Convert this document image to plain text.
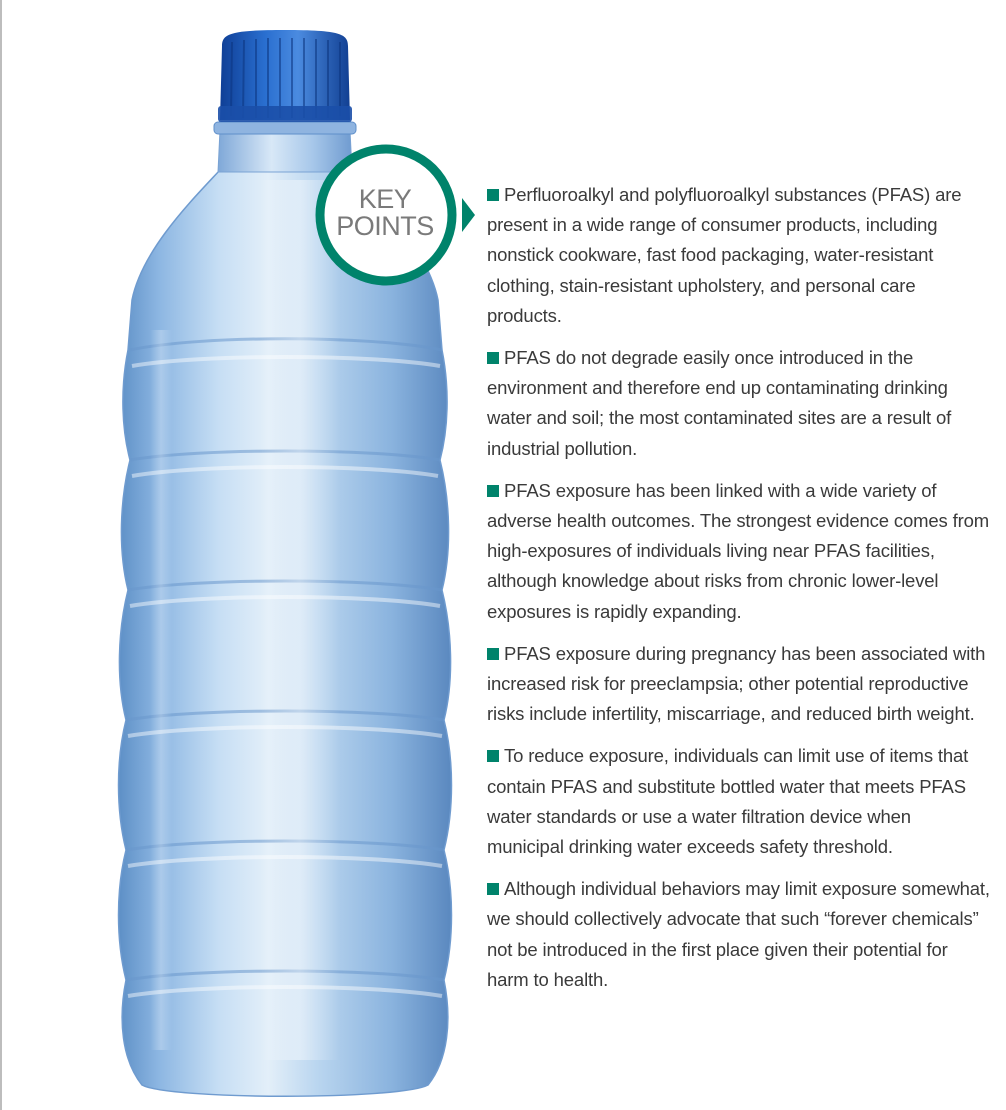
KEY
POINTS
Perfluoroalkyl and polyfluoroalkyl substances (PFAS) are present in a wide range of consumer products, including nonstick cookware, fast food packaging, water-resistant clothing, stain-resistant upholstery, and personal care products.
PFAS do not degrade easily once introduced in the environment and therefore end up contaminating drinking water and soil; the most contaminated sites are a result of industrial pollution.
PFAS exposure has been linked with a wide variety of adverse health outcomes. The strongest evidence comes from high-exposures of individuals living near PFAS facilities, although knowledge about risks from chronic lower-level exposures is rapidly expanding.
PFAS exposure during pregnancy has been associated with increased risk for preeclampsia; other potential reproductive risks include infertility, miscarriage, and reduced birth weight.
To reduce exposure, individuals can limit use of items that contain PFAS and substitute bottled water that meets PFAS water standards or use a water filtration device when municipal drinking water exceeds safety threshold.
Although individual behaviors may limit exposure somewhat, we should collectively advocate that such “forever chemicals” not be introduced in the first place given their potential for harm to health.
